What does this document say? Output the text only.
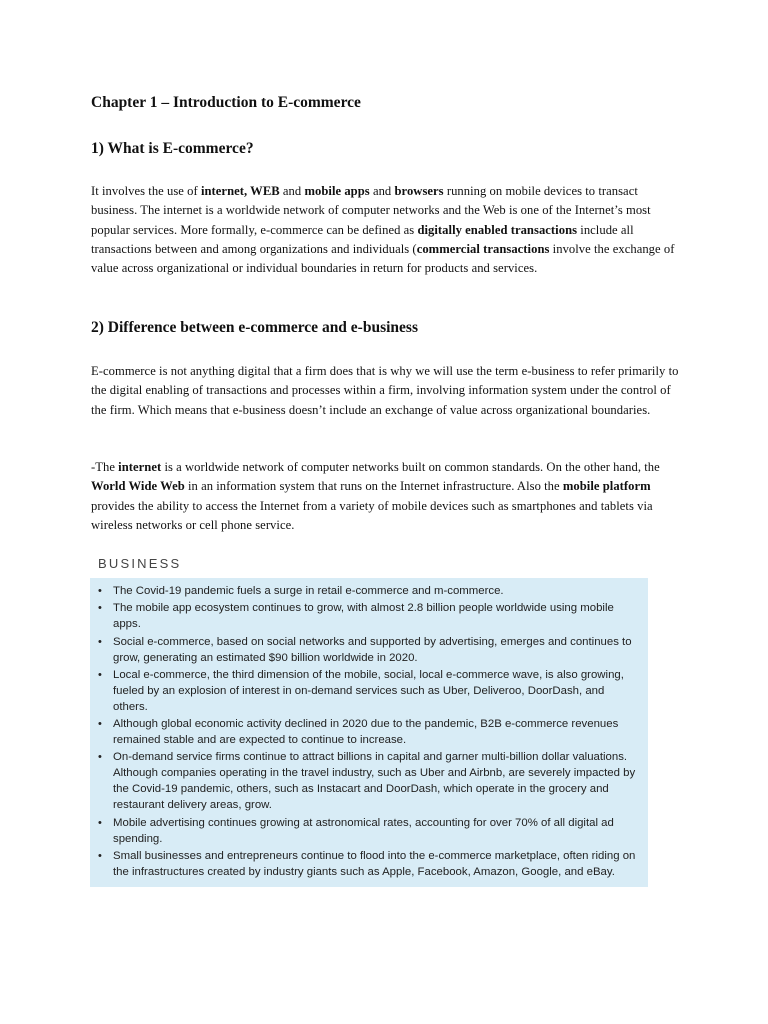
Chapter 1 – Introduction to E-commerce
1) What is E-commerce?

It involves the use of internet, WEB and mobile apps and browsers running on mobile devices to transact business. The internet is a worldwide network of computer networks and the Web is one of the Internet’s most popular services. More formally, e-commerce can be defined as digitally enabled transactions include all transactions between and among organizations and individuals (commercial transactions involve the exchange of value across organizational or individual boundaries in return for products and services.

2) Difference between e-commerce and e-business

E-commerce is not anything digital that a firm does that is why we will use the term e-business to refer primarily to the digital enabling of transactions and processes within a firm, involving information system under the control of the firm. Which means that e-business doesn’t include an exchange of value across organizational boundaries.

-The internet is a worldwide network of computer networks built on common standards. On the other hand, the World Wide Web in an information system that runs on the Internet infrastructure. Also the mobile platform provides the ability to access the Internet from a variety of mobile devices such as smartphones and tablets via wireless networks or cell phone service.

BUSINESS
• The Covid-19 pandemic fuels a surge in retail e-commerce and m-commerce.
• The mobile app ecosystem continues to grow, with almost 2.8 billion people worldwide using mobile apps.
• Social e-commerce, based on social networks and supported by advertising, emerges and continues to grow, generating an estimated $90 billion worldwide in 2020.
• Local e-commerce, the third dimension of the mobile, social, local e-commerce wave, is also growing, fueled by an explosion of interest in on-demand services such as Uber, Deliveroo, DoorDash, and others.
• Although global economic activity declined in 2020 due to the pandemic, B2B e-commerce revenues remained stable and are expected to continue to increase.
• On-demand service firms continue to attract billions in capital and garner multi-billion dollar valuations. Although companies operating in the travel industry, such as Uber and Airbnb, are severely impacted by the Covid-19 pandemic, others, such as Instacart and DoorDash, which operate in the grocery and restaurant delivery areas, grow.
• Mobile advertising continues growing at astronomical rates, accounting for over 70% of all digital ad spending.
• Small businesses and entrepreneurs continue to flood into the e-commerce marketplace, often riding on the infrastructures created by industry giants such as Apple, Facebook, Amazon, Google, and eBay.
